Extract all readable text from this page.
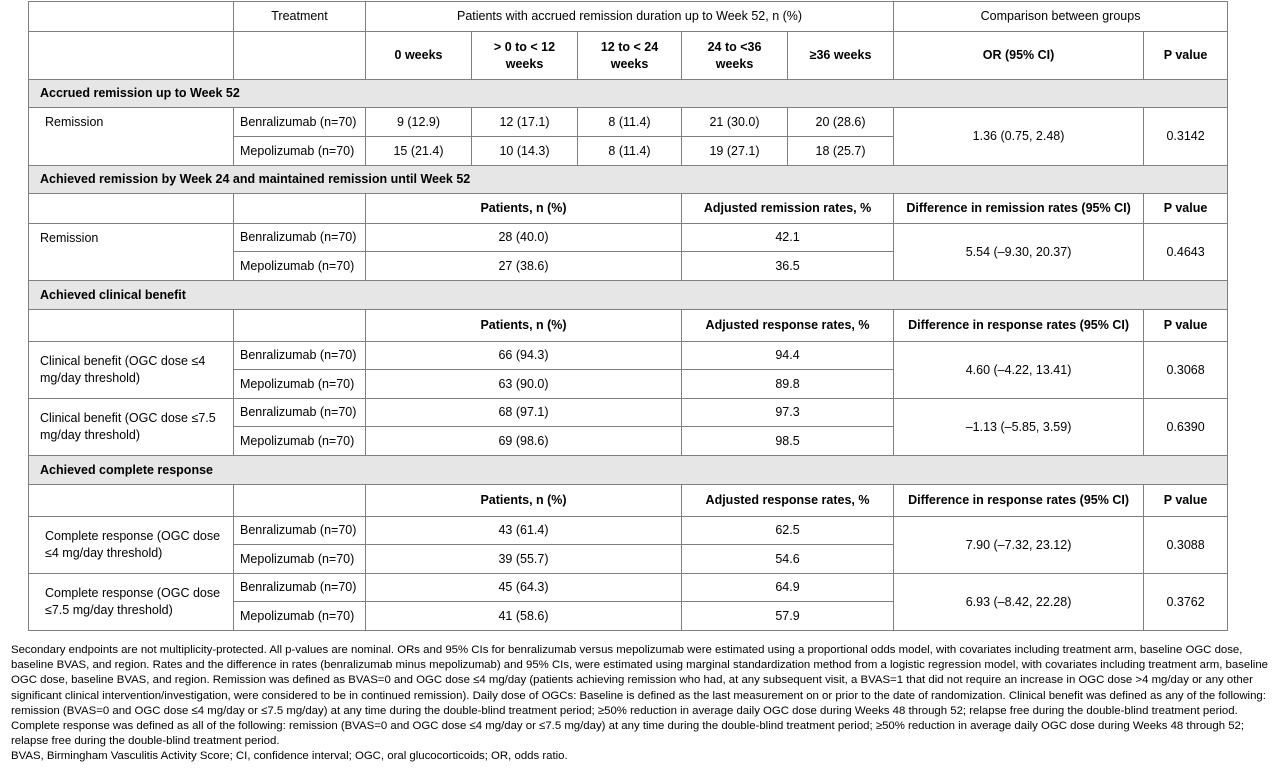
	Treatment	Patients with accrued remission duration up to Week 52, n (%)					Comparison between groups	
		0 weeks	> 0 to < 12 weeks	12 to < 24 weeks	24 to <36 weeks	≥36 weeks	OR (95% CI)	P value
Accrued remission up to Week 52								
Remission	Benralizumab (n=70)	9 (12.9)	12 (17.1)	8 (11.4)	21 (30.0)	20 (28.6)	1.36 (0.75, 2.48)	0.3142
	Mepolizumab (n=70)	15 (21.4)	10 (14.3)	8 (11.4)	19 (27.1)	18 (25.7)		
Achieved remission by Week 24 and maintained remission until Week 52								
		Patients, n (%)			Adjusted remission rates, %		Difference in remission rates (95% CI)	P value
Remission	Benralizumab (n=70)	28 (40.0)			42.1		5.54 (–9.30, 20.37)	0.4643
	Mepolizumab (n=70)	27 (38.6)			36.5			
Achieved clinical benefit								
		Patients, n (%)			Adjusted response rates, %		Difference in response rates (95% CI)	P value
Clinical benefit (OGC dose ≤4 mg/day threshold)	Benralizumab (n=70)	66 (94.3)			94.4		4.60 (–4.22, 13.41)	0.3068
	Mepolizumab (n=70)	63 (90.0)			89.8			
Clinical benefit (OGC dose ≤7.5 mg/day threshold)	Benralizumab (n=70)	68 (97.1)			97.3		–1.13 (–5.85, 3.59)	0.6390
	Mepolizumab (n=70)	69 (98.6)			98.5			
Achieved complete response								
		Patients, n (%)			Adjusted response rates, %		Difference in response rates (95% CI)	P value
Complete response (OGC dose ≤4 mg/day threshold)	Benralizumab (n=70)	43 (61.4)			62.5		7.90 (–7.32, 23.12)	0.3088
	Mepolizumab (n=70)	39 (55.7)			54.6			
Complete response (OGC dose ≤7.5 mg/day threshold)	Benralizumab (n=70)	45 (64.3)			64.9		6.93 (–8.42, 22.28)	0.3762
	Mepolizumab (n=70)	41 (58.6)			57.9			

Secondary endpoints are not multiplicity-protected. All p-values are nominal. ORs and 95% CIs for benralizumab versus mepolizumab were estimated using a proportional odds model, with covariates including treatment arm, baseline OGC dose, baseline BVAS, and region. Rates and the difference in rates (benralizumab minus mepolizumab) and 95% CIs, were estimated using marginal standardization method from a logistic regression model, with covariates including treatment arm, baseline OGC dose, baseline BVAS, and region. Remission was defined as BVAS=0 and OGC dose ≤4 mg/day (patients achieving remission who had, at any subsequent visit, a BVAS=1 that did not require an increase in OGC dose >4 mg/day or any other significant clinical intervention/investigation, were considered to be in continued remission). Daily dose of OGCs: Baseline is defined as the last measurement on or prior to the date of randomization. Clinical benefit was defined as any of the following: remission (BVAS=0 and OGC dose ≤4 mg/day or ≤7.5 mg/day) at any time during the double-blind treatment period; ≥50% reduction in average daily OGC dose during Weeks 48 through 52; relapse free during the double-blind treatment period. Complete response was defined as all of the following: remission (BVAS=0 and OGC dose ≤4 mg/day or ≤7.5 mg/day) at any time during the double-blind treatment period; ≥50% reduction in average daily OGC dose during Weeks 48 through 52; relapse free during the double-blind treatment period.

BVAS, Birmingham Vasculitis Activity Score; CI, confidence interval; OGC, oral glucocorticoids; OR, odds ratio.
